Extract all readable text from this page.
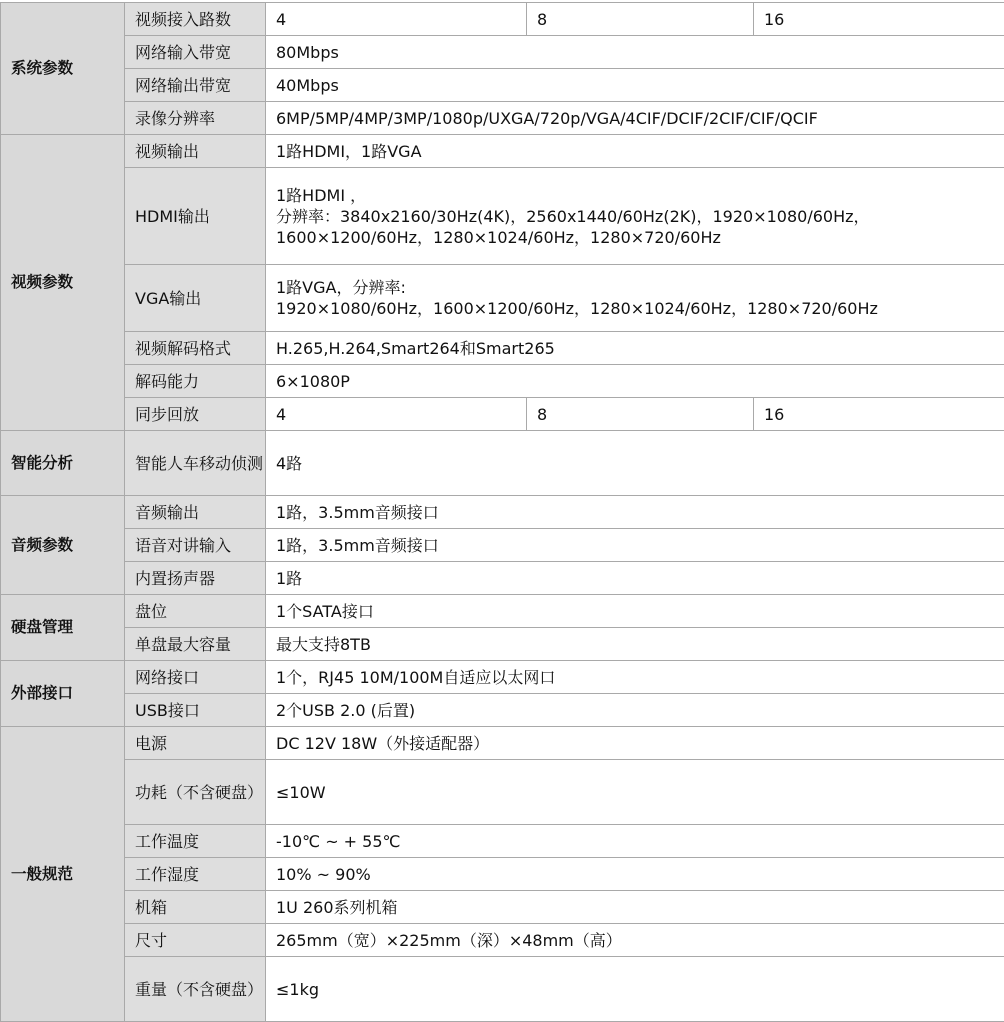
系统参数	视频接入路数	4	8	16
	网络输入带宽	80Mbps		
	网络输出带宽	40Mbps		
	录像分辨率	6MP/5MP/4MP/3MP/1080p/UXGA/720p/VGA/4CIF/DCIF/2CIF/CIF/QCIF		
视频参数	视频输出	1路HDMI，1路VGA		
	HDMI输出	1路HDMI ，
分辨率：3840x2160/30Hz(4K)，2560x1440/60Hz(2K)，1920×1080/60Hz，
1600×1200/60Hz，1280×1024/60Hz，1280×720/60Hz		

	VGA输出	1路VGA，分辨率:
1920×1080/60Hz，1600×1200/60Hz，1280×1024/60Hz，1280×720/60Hz		

	视频解码格式	H.265,H.264,Smart264和Smart265		
	解码能力	6×1080P		
	同步回放	4	8	16
智能分析	智能人车移动侦测	4路		
音频参数	音频输出	1路，3.5mm音频接口		
	语音对讲输入	1路，3.5mm音频接口		
	内置扬声器	1路		
硬盘管理	盘位	1个SATA接口		
	单盘最大容量	最大支持8TB		
外部接口	网络接口	1个，RJ45 10M/100M自适应以太网口		
	USB接口	2个USB 2.0 (后置)		
一般规范	电源	DC 12V 18W（外接适配器）		
	功耗（不含硬盘）	≤10W		
	工作温度	-10℃ ~ + 55℃		
	工作湿度	10% ~ 90%		
	机箱	1U 260系列机箱		
	尺寸	265mm（宽）×225mm（深）×48mm（高）		
	重量（不含硬盘）	≤1kg		
